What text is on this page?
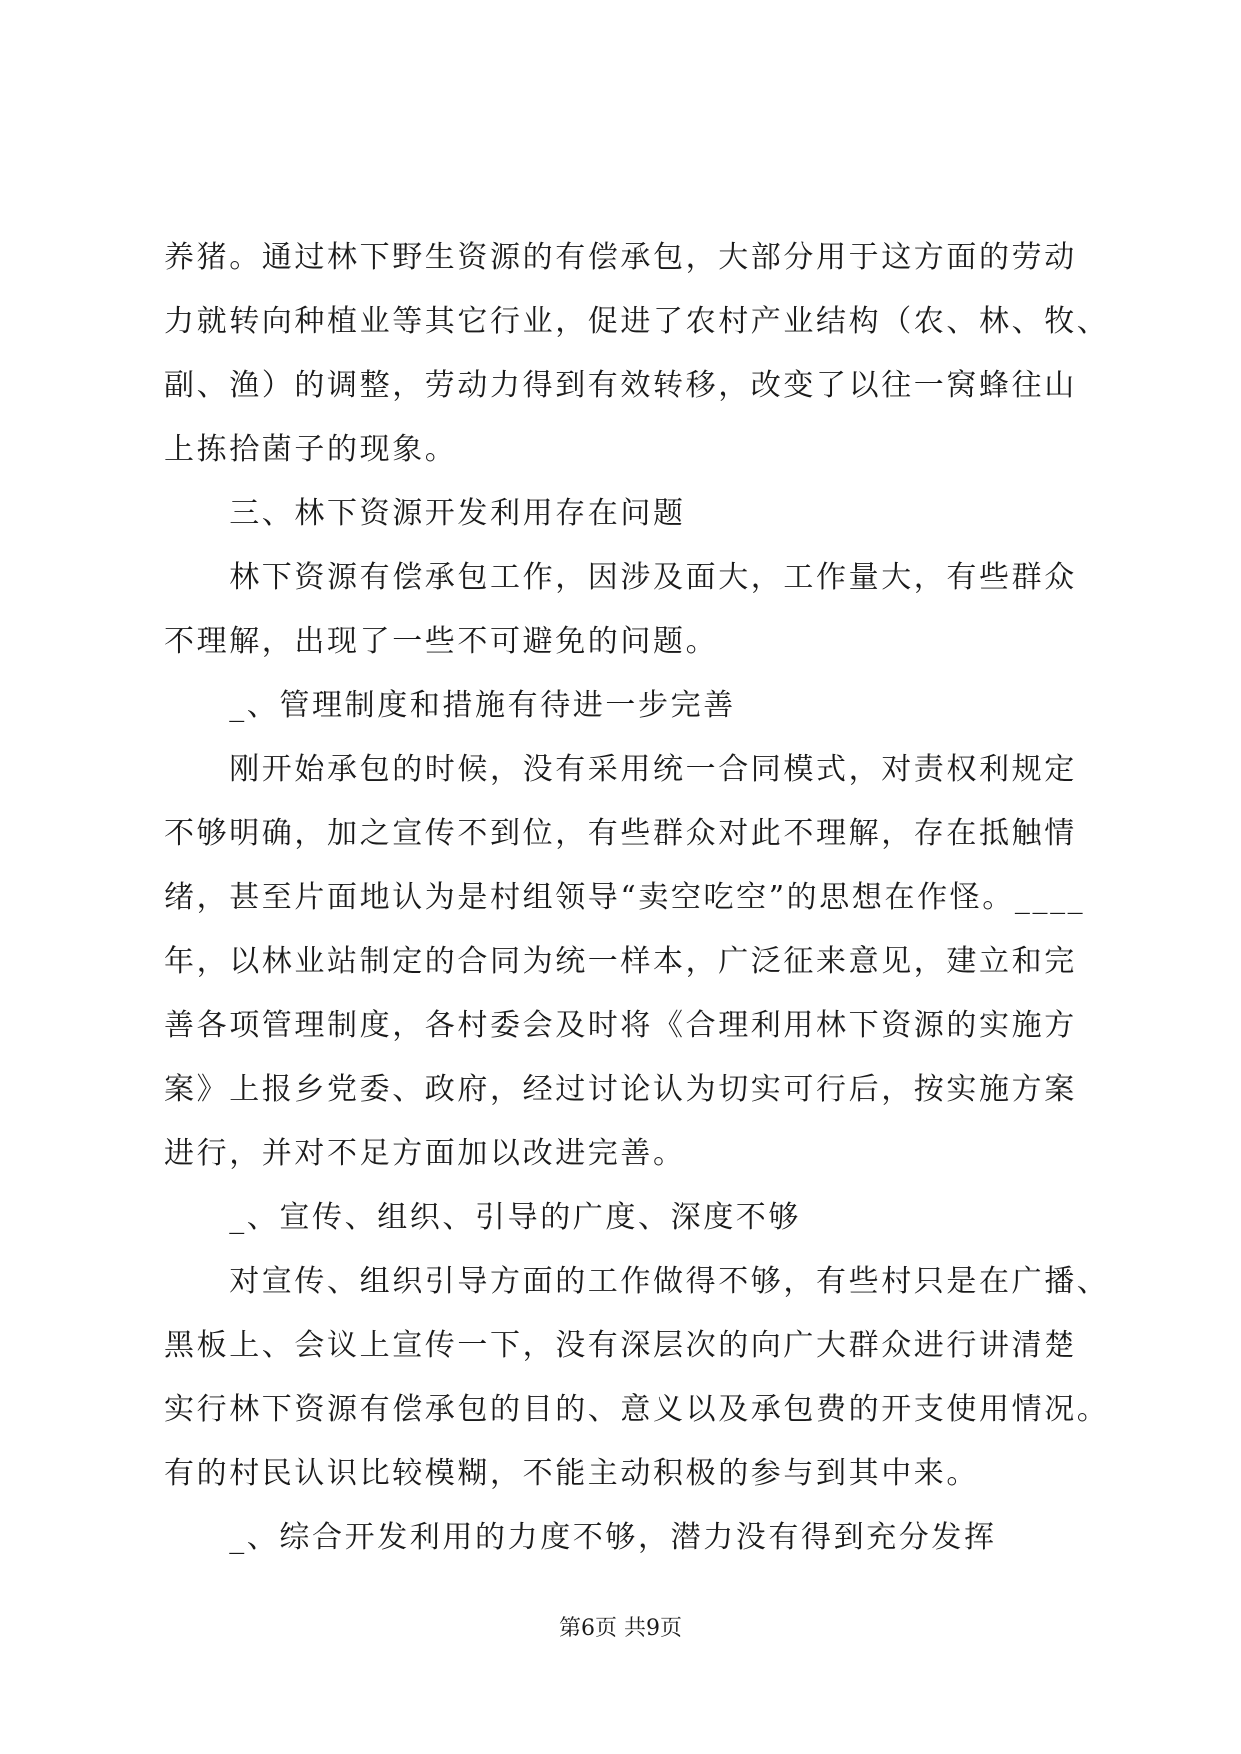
养猪。通过林下野生资源的有偿承包，大部分用于这方面的劳动
力就转向种植业等其它行业，促进了农村产业结构（农、林、牧、
副、渔）的调整，劳动力得到有效转移，改变了以往一窝蜂往山
上拣拾菌子的现象。
　　三、林下资源开发利用存在问题
　　林下资源有偿承包工作，因涉及面大，工作量大，有些群众
不理解，出现了一些不可避免的问题。
　　_、管理制度和措施有待进一步完善
　　刚开始承包的时候，没有采用统一合同模式，对责权利规定
不够明确，加之宣传不到位，有些群众对此不理解，存在抵触情
绪，甚至片面地认为是村组领导“卖空吃空”的思想在作怪。____
年，以林业站制定的合同为统一样本，广泛征来意见，建立和完
善各项管理制度，各村委会及时将《合理利用林下资源的实施方
案》上报乡党委、政府，经过讨论认为切实可行后，按实施方案
进行，并对不足方面加以改进完善。
　　_、宣传、组织、引导的广度、深度不够
　　对宣传、组织引导方面的工作做得不够，有些村只是在广播、
黑板上、会议上宣传一下，没有深层次的向广大群众进行讲清楚
实行林下资源有偿承包的目的、意义以及承包费的开支使用情况。
有的村民认识比较模糊，不能主动积极的参与到其中来。
　　_、综合开发利用的力度不够，潜力没有得到充分发挥
第6页 共9页
